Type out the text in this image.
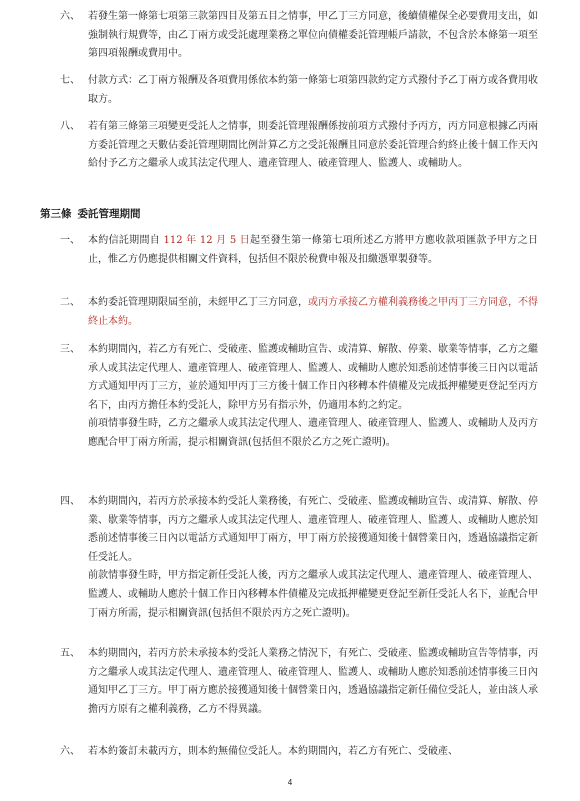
六、 若發生第一條第七項第三款第四目及第五目之情事，甲乙丁三方同意，後續債權保全必要費用支出，如強制執行規費等，由乙丁兩方或受託處理業務之單位向債權委託管理帳戶請款，不包含於本條第一項至第四項報酬或費用中。
七、 付款方式：乙丁兩方報酬及各項費用係依本約第一條第七項第四款約定方式撥付予乙丁兩方或各費用收取方。
八、 若有第三條第三項變更受託人之情事，則委託管理報酬係按前項方式撥付予丙方，丙方同意根據乙丙兩方委託管理之天數佔委託管理期間比例計算乙方之受託報酬且同意於委託管理合約終止後十個工作天內給付予乙方之繼承人或其法定代理人、遺產管理人、破產管理人、監護人、或輔助人。
第三條 委託管理期間
一、 本約信託期間自 112 年 12 月 5 日起至發生第一條第七項所述乙方將甲方應收款項匯款予甲方之日止，惟乙方仍應提供相關文件資料，包括但不限於稅費申報及扣繳憑單製發等。
二、 本約委託管理期限屆至前，未經甲乙丁三方同意，或丙方承接乙方權利義務後之甲丙丁三方同意，不得終止本約。
三、 本約期間內，若乙方有死亡、受破產、監護或輔助宣告、或清算、解散、停業、歇業等情事，乙方之繼承人或其法定代理人、遺產管理人、破產管理人、監護人、或輔助人應於知悉前述情事後三日內以電話方式通知甲丙丁三方，並於通知甲丙丁三方後十個工作日內移轉本件債權及完成抵押權變更登記至丙方名下，由丙方擔任本約受託人，除甲方另有指示外，仍適用本約之約定。
前項情事發生時，乙方之繼承人或其法定代理人、遺產管理人、破產管理人、監護人、或輔助人及丙方應配合甲丁兩方所需，提示相關資訊(包括但不限於乙方之死亡證明)。
四、 本約期間內，若丙方於承接本約受託人業務後，有死亡、受破產、監護或輔助宣告、或清算、解散、停業、歇業等情事，丙方之繼承人或其法定代理人、遺產管理人、破產管理人、監護人、或輔助人應於知悉前述情事後三日內以電話方式通知甲丁兩方，甲丁兩方於接獲通知後十個營業日內，透過協議指定新任受託人。
前款情事發生時，甲方指定新任受託人後，丙方之繼承人或其法定代理人、遺產管理人、破產管理人、監護人、或輔助人應於十個工作日內移轉本件債權及完成抵押權變更登記至新任受託人名下，並配合甲丁兩方所需，提示相關資訊(包括但不限於丙方之死亡證明)。
五、 本約期間內，若丙方於未承接本約受託人業務之情況下，有死亡、受破產、監護或輔助宣告等情事，丙方之繼承人或其法定代理人、遺產管理人、破產管理人、監護人、或輔助人應於知悉前述情事後三日內通知甲乙丁三方。甲丁兩方應於接獲通知後十個營業日內，透過協議指定新任備位受託人，並由該人承擔丙方原有之權利義務，乙方不得異議。
六、 若本約簽訂未載丙方，則本約無備位受託人。本約期間內，若乙方有死亡、受破產、
4
